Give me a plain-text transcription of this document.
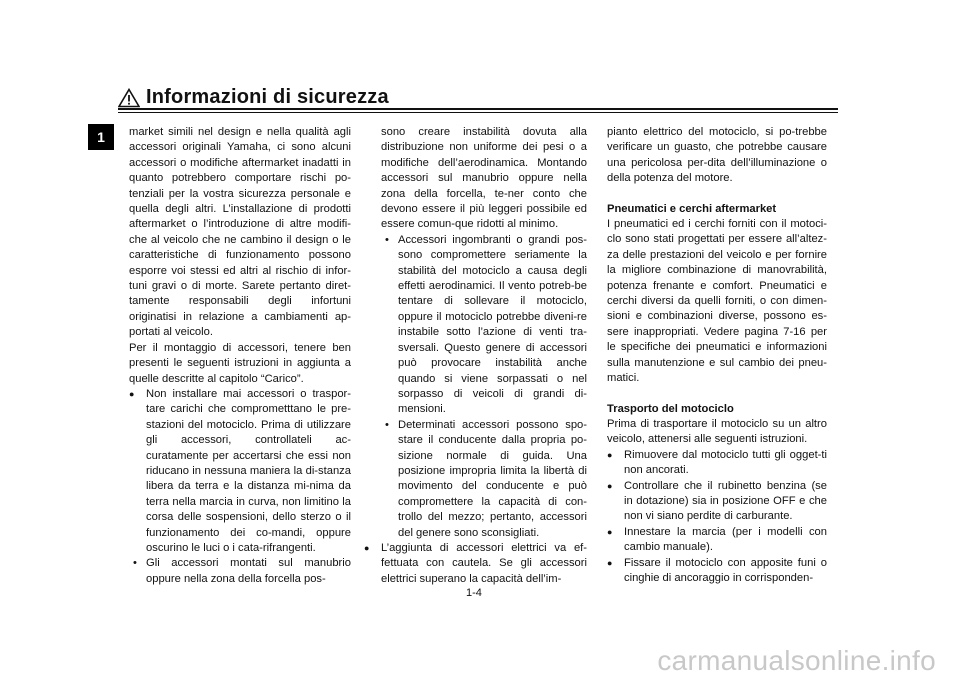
Informazioni di sicurezza
1	market simili nel design e nella qualità agli accessori originali Yamaha, ci sono alcuni accessori o modifiche aftermarket inadatti in quanto potrebbero comportare rischi po-tenziali per la vostra sicurezza personale e quella degli altri. L’installazione di prodotti aftermarket o l’introduzione di altre modifi-che al veicolo che ne cambino il design o le caratteristiche di funzionamento possono esporre voi stessi ed altri al rischio di infor-tuni gravi o di morte. Sarete pertanto diret-tamente responsabili degli infortuni originatisi in relazione a cambiamenti ap-portati al veicolo.

Per il montaggio di accessori, tenere ben presenti le seguenti istruzioni in aggiunta a quelle descritte al capitolo “Carico”.

● Non installare mai accessori o traspor-tare carichi che comprometttano le pre-stazioni del motociclo. Prima di utilizzare gli accessori, controllateli ac-curatamente per accertarsi che essi non riducano in nessuna maniera la di-stanza libera da terra e la distanza mi-nima da terra nella marcia in curva, non limitino la corsa delle sospensioni, dello sterzo o il funzionamento dei co-mandi, oppure oscurino le luci o i cata-rifrangenti.

• Gli accessori montati sul manubrio oppure nella zona della forcella pos-

sono creare instabilità dovuta alla distribuzione non uniforme dei pesi o a modifiche dell’aerodinamica. Montando accessori sul manubrio oppure nella zona della forcella, te-ner conto che devono essere il più leggeri possibile ed essere comun-que ridotti al minimo.

• Accessori ingombranti o grandi pos-sono compromettere seriamente la stabilità del motociclo a causa degli effetti aerodinamici. Il vento potreb-be tentare di sollevare il motociclo, oppure il motociclo potrebbe diveni-re instabile sotto l’azione di venti tra-sversali. Questo genere di accessori può provocare instabilità anche quando si viene sorpassati o nel sorpasso di veicoli di grandi di-mensioni.

• Determinati accessori possono spo-stare il conducente dalla propria po-sizione normale di guida. Una posizione impropria limita la libertà di movimento del conducente e può compromettere la capacità di con-trollo del mezzo; pertanto, accessori del genere sono sconsigliati.

● L’aggiunta di accessori elettrici va ef-fettuata con cautela. Se gli accessori elettrici superano la capacità dell’im-

pianto elettrico del motociclo, si po-trebbe verificare un guasto, che potrebbe causare una pericolosa per-dita dell’illuminazione o della potenza del motore.

Pneumatici e cerchi aftermarket

I pneumatici ed i cerchi forniti con il motoci-clo sono stati progettati per essere all’altez-za delle prestazioni del veicolo e per fornire la migliore combinazione di manovrabilità, potenza frenante e comfort. Pneumatici e cerchi diversi da quelli forniti, o con dimen-sioni e combinazioni diverse, possono es-sere inappropriati. Vedere pagina 7-16 per le specifiche dei pneumatici e informazioni sulla manutenzione e sul cambio dei pneu-matici.

Trasporto del motociclo

Prima di trasportare il motociclo su un altro veicolo, attenersi alle seguenti istruzioni.

● Rimuovere dal motociclo tutti gli ogget-ti non ancorati.

● Controllare che il rubinetto benzina (se in dotazione) sia in posizione OFF e che non vi siano perdite di carburante.

● Innestare la marcia (per i modelli con cambio manuale).

● Fissare il motociclo con apposite funi o cinghie di ancoraggio in corrisponden-

1-4
carmanualsonline.info
